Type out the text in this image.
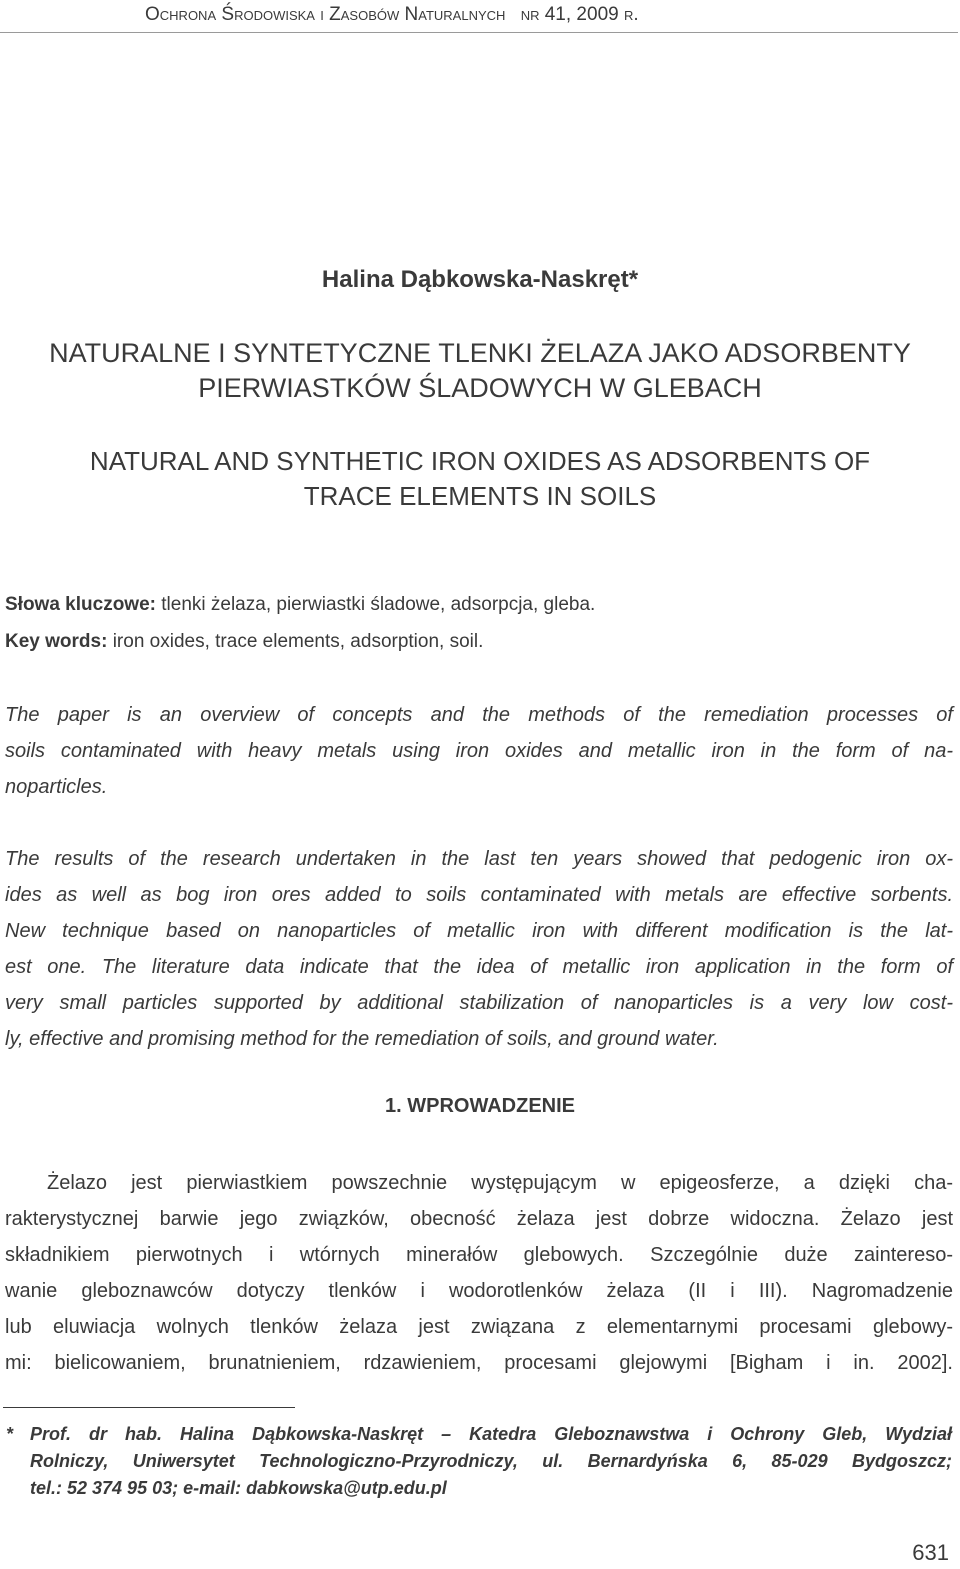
Ochrona Środowiska i Zasobów Naturalnych nr 41, 2009 r.
Halina Dąbkowska-Naskręt*
NATURALNE I SYNTETYCZNE TLENKI ŻELAZA JAKO ADSORBENTY
PIERWIASTKÓW ŚLADOWYCH W GLEBACH
NATURAL AND SYNTHETIC IRON OXIDES AS ADSORBENTS OF
TRACE ELEMENTS IN SOILS
Słowa kluczowe: tlenki żelaza, pierwiastki śladowe, adsorpcja, gleba.
Key words: iron oxides, trace elements, adsorption, soil.
The paper is an overview of concepts and the methods of the remediation processes of
soils contaminated with heavy metals using iron oxides and metallic iron in the form of na-
noparticles.
The results of the research undertaken in the last ten years showed that pedogenic iron ox-
ides as well as bog iron ores added to soils contaminated with metals are effective sorbents.
New technique based on nanoparticles of metallic iron with different modification is the lat-
est one. The literature data indicate that the idea of metallic iron application in the form of
very small particles supported by additional stabilization of nanoparticles is a very low cost-
ly, effective and promising method for the remediation of soils, and ground water.
1. WPROWADZENIE
Żelazo jest pierwiastkiem powszechnie występującym w epigeosferze, a dzięki cha-
rakterystycznej barwie jego związków, obecność żelaza jest dobrze widoczna. Żelazo jest
składnikiem pierwotnych i wtórnych minerałów glebowych. Szczególnie duże zaintereso-
wanie gleboznawców dotyczy tlenków i wodorotlenków żelaza (II i III). Nagromadzenie
lub eluwiacja wolnych tlenków żelaza jest związana z elementarnymi procesami glebowy-
mi: bielicowaniem, brunatnieniem, rdzawieniem, procesami glejowymi [Bigham i in. 2002].
* Prof. dr hab. Halina Dąbkowska-Naskręt – Katedra Gleboznawstwa i Ochrony Gleb, Wydział
Rolniczy, Uniwersytet Technologiczno-Przyrodniczy, ul. Bernardyńska 6, 85-029 Bydgoszcz;
tel.: 52 374 95 03; e-mail: dabkowska@utp.edu.pl
631
